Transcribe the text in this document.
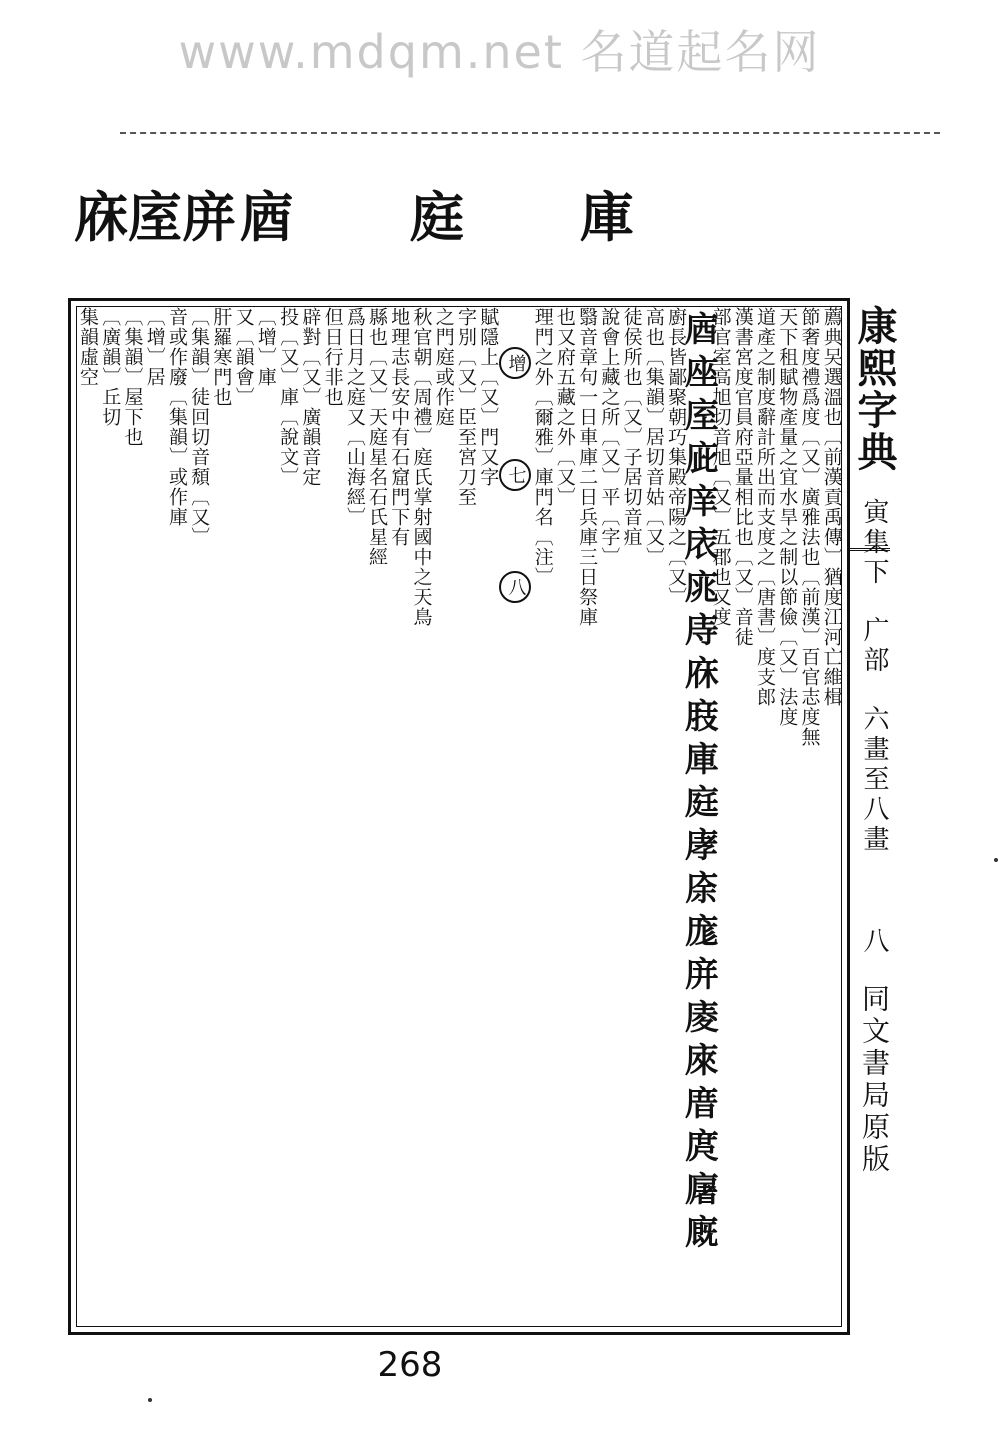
www.mdqm.net 名道起名网
庥 庢 庰 庮 庭 庫
薦典㕦選溫也〔前漢貢禹傳〕猶度江河亡維楫
節奢度禮爲度〔又〕廣雅法也〔前漢〕百官志度無
天下租賦物產量之宜水旱之制以節儉〔又〕法度
道產之制度辭計所出而支度之〔唐書〕度支郎
漢書宮度官員府亞量相比也〔又〕音徒
部官室高旭切音旭〔又〕五郡也又度
庮座庢庛庠庡庣庤庥庪庫庭庨庩庬庰庱庲庴庹廜廐
廚長皆鄙聚朝巧集殿帝陽之〔又〕
高也〔集韻〕居切音姑〔又〕
徒侯所也〔又〕子居切音疽
說會上藏之所〔又〕平〔字〕
翳音章句一日車庫二日兵庫三日祭庫
也又府五藏之外〔又〕
理門之外〔爾雅〕庫門名〔注〕
增七八
賦隱上〔又〕門又字
字別〔又〕臣至宮刀至
之門庭或作庭
秋官朝〔周禮〕庭氏掌射國中之天鳥
地理志長安中有石窟門下有
縣也〔又〕天庭星名石氏星經
爲日月之庭又〔山海經〕
但日行非也
辟對〔又〕廣韻音定
投〔又〕庫〔說文〕
〔增〕庫
又〔韻會〕
肝羅寒門也
〔集韻〕徒回切音頹〔又〕
音或作廢〔集韻〕或作庫
〔增〕居
〔集韻〕屋下也
〔廣韻〕丘切
集韻虛空	康熙字典 寅集下 广部 六畫至八畫 八 同文書局原版
268
